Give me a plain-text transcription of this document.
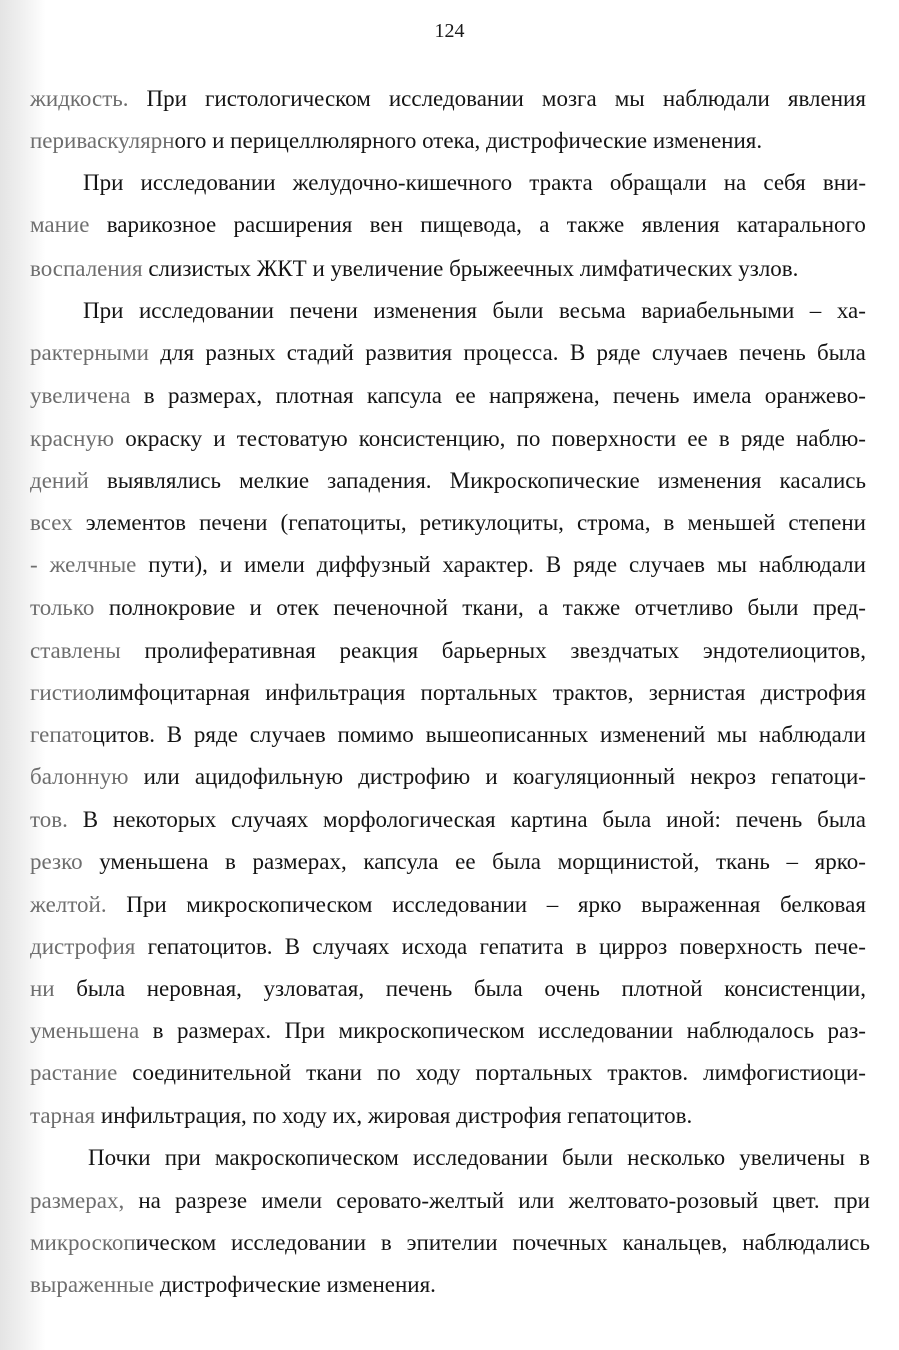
124
жидкость. При гистологическом исследовании мозга мы наблюдали явления
периваскулярного и перицеллюлярного отека, дистрофические изменения.
При исследовании желудочно-кишечного тракта обращали на себя вни-
мание варикозное расширения вен пищевода, а также явления катарального
воспаления слизистых ЖКТ и увеличение брыжеечных лимфатических узлов.
При исследовании печени изменения были весьма вариабельными – ха-
рактерными для разных стадий развития процесса. В ряде случаев печень была
увеличена в размерах, плотная капсула ее напряжена, печень имела оранжево-
красную окраску и тестоватую консистенцию, по поверхности ее в ряде наблю-
дений выявлялись мелкие западения. Микроскопические изменения касались
всех элементов печени (гепатоциты, ретикулоциты, строма, в меньшей степени
- желчные пути), и имели диффузный характер. В ряде случаев мы наблюдали
только полнокровие и отек печеночной ткани, а также отчетливо были пред-
ставлены пролиферативная реакция барьерных звездчатых эндотелиоцитов,
гистиолимфоцитарная инфильтрация портальных трактов, зернистая дистрофия
гепатоцитов. В ряде случаев помимо вышеописанных изменений мы наблюдали
балонную или ацидофильную дистрофию и коагуляционный некроз гепатоци-
тов. В некоторых случаях морфологическая картина была иной: печень была
резко уменьшена в размерах, капсула ее была морщинистой, ткань – ярко-
желтой. При микроскопическом исследовании – ярко выраженная белковая
дистрофия гепатоцитов. В случаях исхода гепатита в цирроз поверхность пече-
ни была неровная, узловатая, печень была очень плотной консистенции,
уменьшена в размерах. При микроскопическом исследовании наблюдалось раз-
растание соединительной ткани по ходу портальных трактов. лимфогистиоци-
тарная инфильтрация, по ходу их, жировая дистрофия гепатоцитов.
Почки при макроскопическом исследовании были несколько увеличены в
размерах, на разрезе имели серовато-желтый или желтовато-розовый цвет. при
микроскопическом исследовании в эпителии почечных канальцев, наблюдались
выраженные дистрофические изменения.
